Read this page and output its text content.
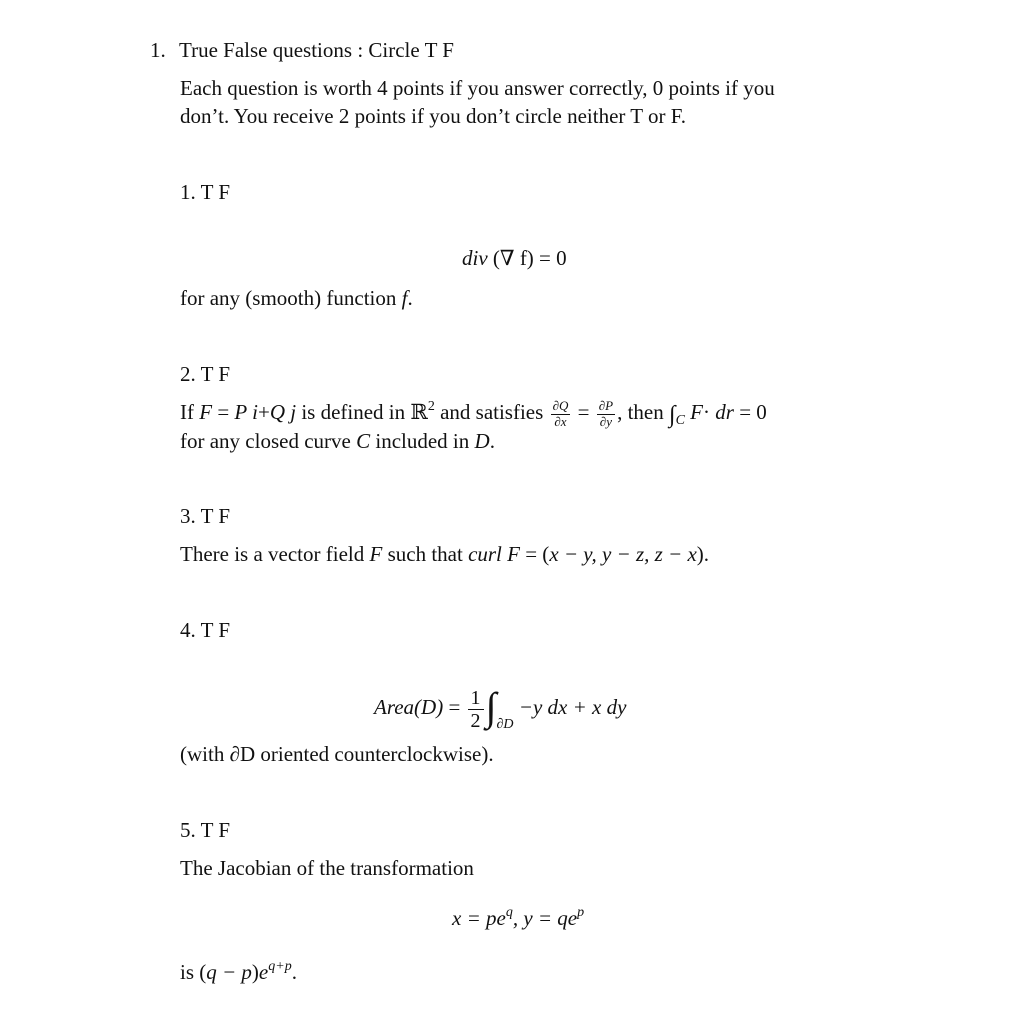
1. True False questions : Circle T F
Each question is worth 4 points if you answer correctly, 0 points if you
don’t. You receive 2 points if you don’t circle neither T or F.
1. T F
div (∇ f) = 0
for any (smooth) function f.
2. T F
If F = P i+Q j is defined in ℝ$^2$ and satisfies $\frac{\partial Q}{\partial x} = \frac{\partial P}{\partial y}$ , then $\int_C$ F· dr = 0
for any closed curve C included in D.
3. T F
There is a vector field F such that curl F = (x − y, y − z, z − x).
4. T F
Area(D) = $\frac{1}{2} \int_{\partial D} -y$ dx + x dy
(with ∂D oriented counterclockwise).
5. T F
The Jacobian of the transformation
$x = pe^q$, $y = qe^p$
is $(q - p)e^{q+p}$.
